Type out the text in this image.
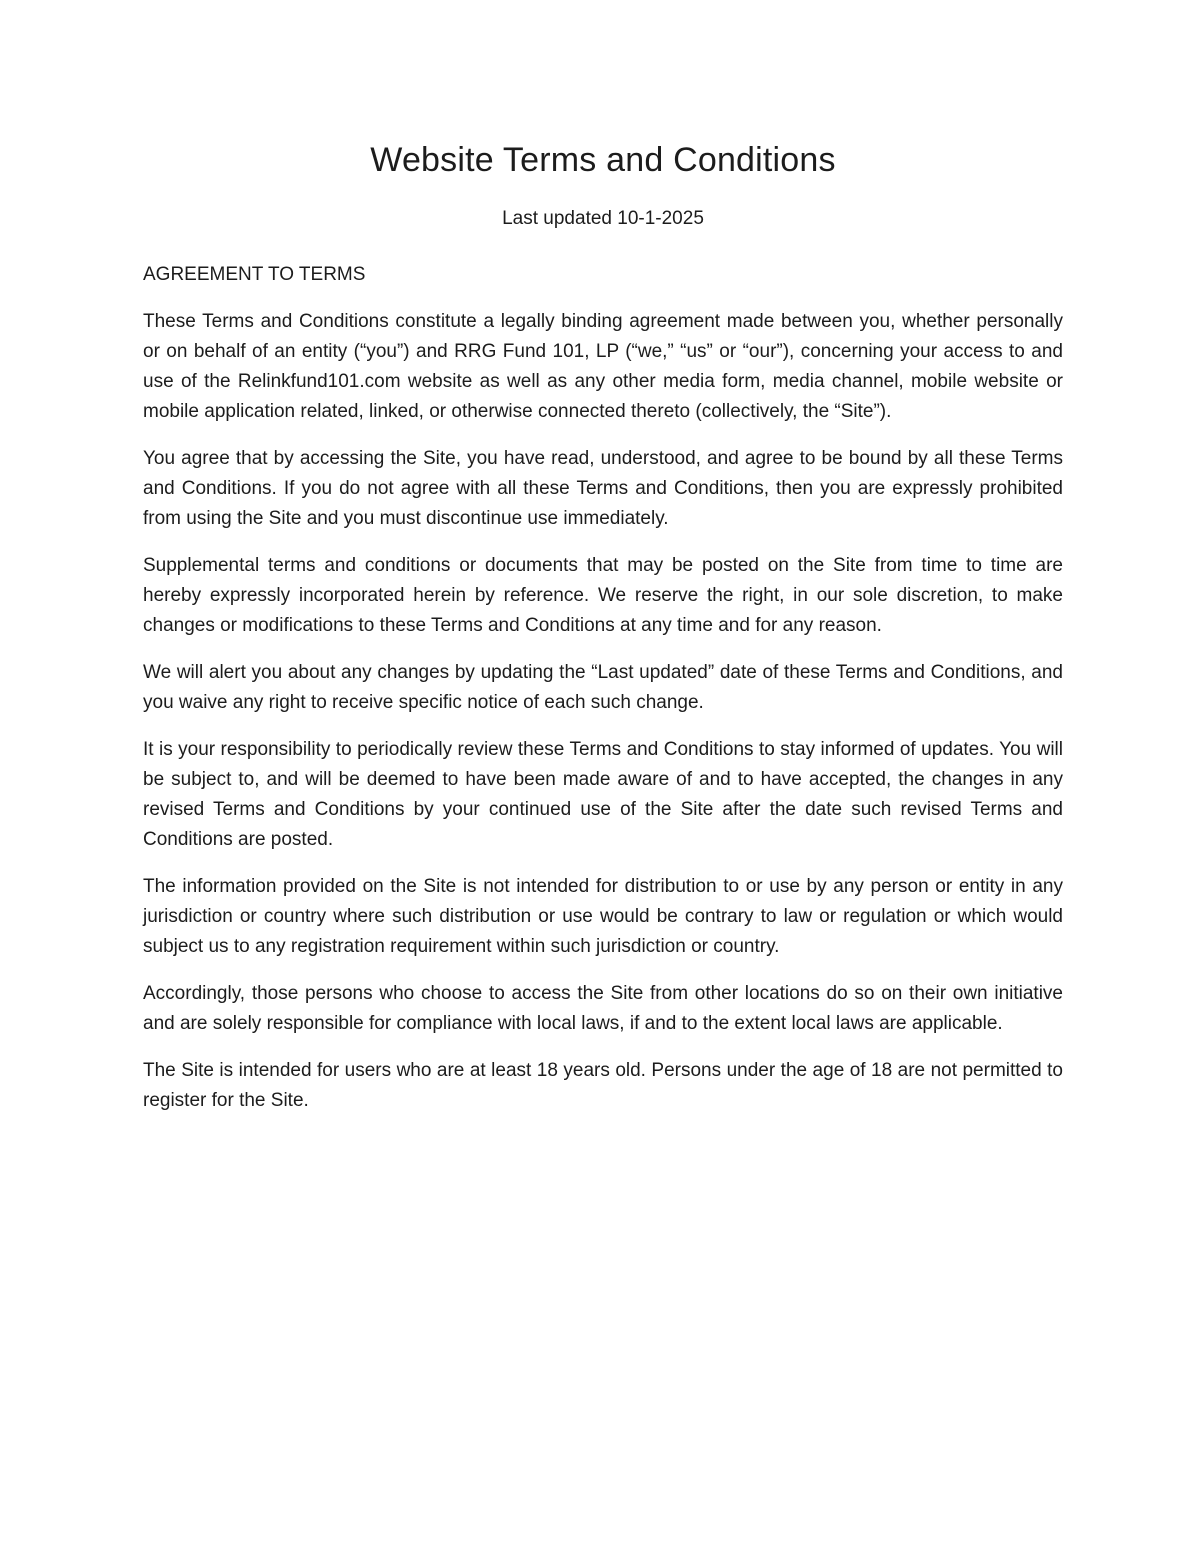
Website Terms and Conditions
Last updated 10-1-2025
AGREEMENT TO TERMS

These Terms and Conditions constitute a legally binding agreement made between you, whether personally or on behalf of an entity (“you”) and RRG Fund 101, LP (“we,” “us” or “our”), concerning your access to and use of the Relinkfund101.com website as well as any other media form, media channel, mobile website or mobile application related, linked, or otherwise connected thereto (collectively, the “Site”).

You agree that by accessing the Site, you have read, understood, and agree to be bound by all these Terms and Conditions. If you do not agree with all these Terms and Conditions, then you are expressly prohibited from using the Site and you must discontinue use immediately.

Supplemental terms and conditions or documents that may be posted on the Site from time to time are hereby expressly incorporated herein by reference. We reserve the right, in our sole discretion, to make changes or modifications to these Terms and Conditions at any time and for any reason.

We will alert you about any changes by updating the “Last updated” date of these Terms and Conditions, and you waive any right to receive specific notice of each such change.

It is your responsibility to periodically review these Terms and Conditions to stay informed of updates. You will be subject to, and will be deemed to have been made aware of and to have accepted, the changes in any revised Terms and Conditions by your continued use of the Site after the date such revised Terms and Conditions are posted.

The information provided on the Site is not intended for distribution to or use by any person or entity in any jurisdiction or country where such distribution or use would be contrary to law or regulation or which would subject us to any registration requirement within such jurisdiction or country.

Accordingly, those persons who choose to access the Site from other locations do so on their own initiative and are solely responsible for compliance with local laws, if and to the extent local laws are applicable.

The Site is intended for users who are at least 18 years old. Persons under the age of 18 are not permitted to register for the Site.
